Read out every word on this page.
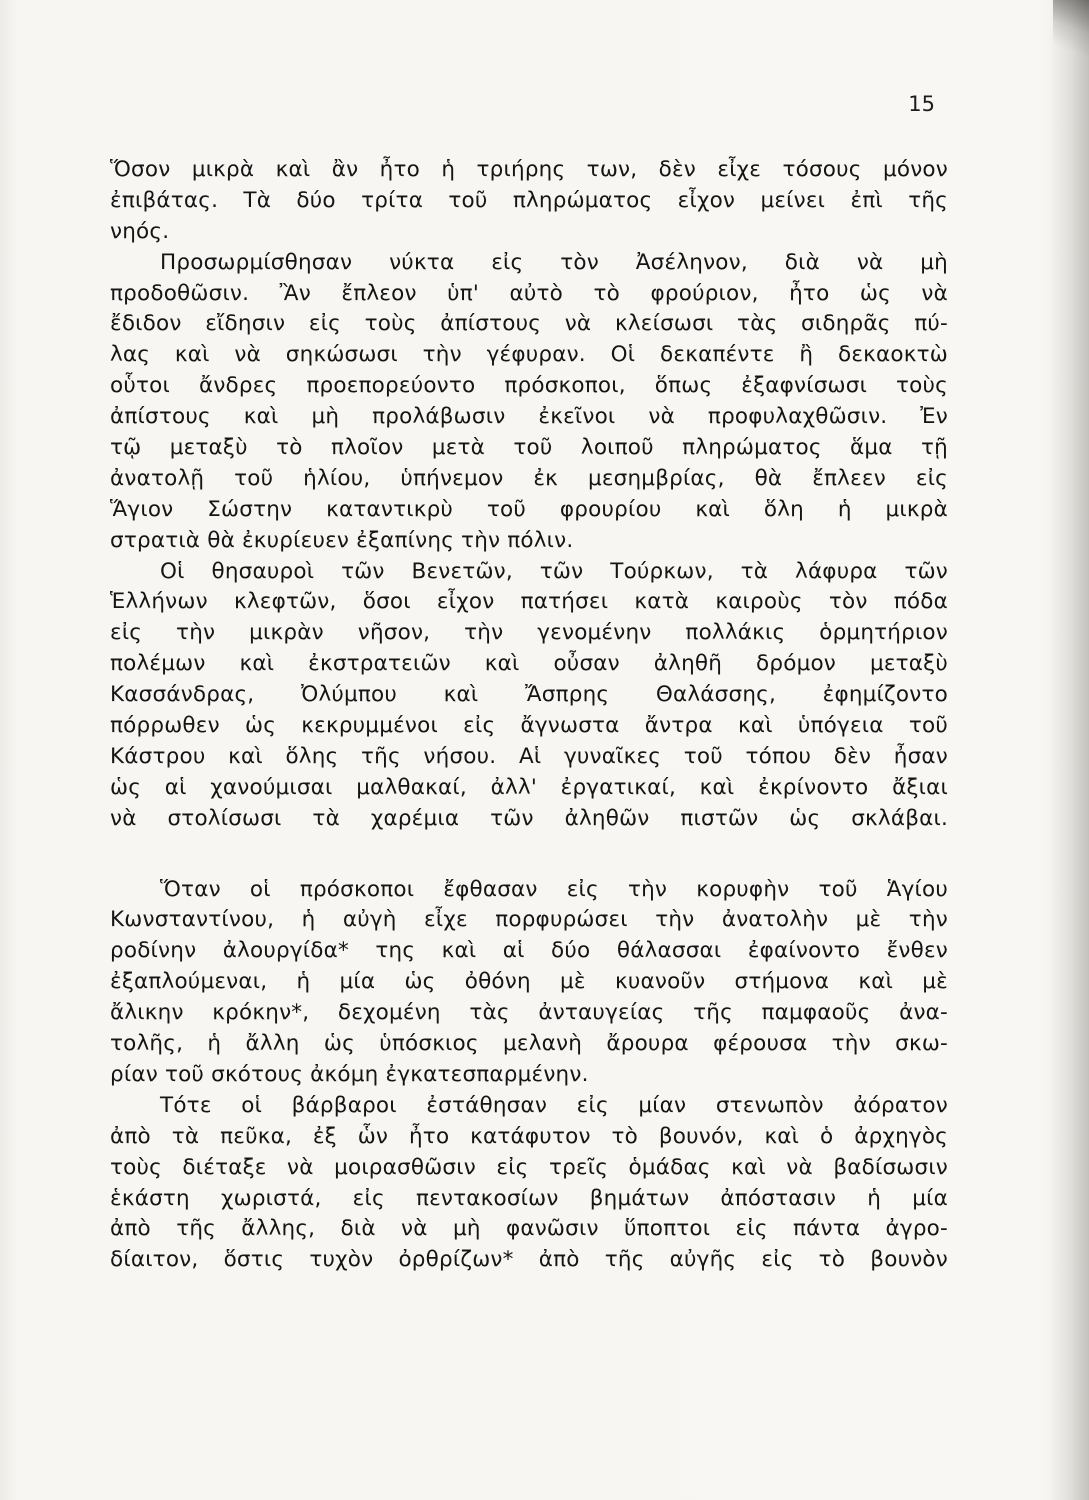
15
Ὅσον μικρὰ καὶ ἂν ἦτο ἡ τριήρης των, δὲν εἶχε τόσους μόνον
ἐπιβάτας. Τὰ δύο τρίτα τοῦ πληρώματος εἶχον μείνει ἐπὶ τῆς
νηός.
Προσωρμίσθησαν νύκτα εἰς τὸν Ἀσέληνον, διὰ νὰ μὴ
προδοθῶσιν. Ἂν ἔπλεον ὑπ' αὐτὸ τὸ φρούριον, ἦτο ὡς νὰ
ἔδιδον εἴδησιν εἰς τοὺς ἀπίστους νὰ κλείσωσι τὰς σιδηρᾶς πύ-
λας καὶ νὰ σηκώσωσι τὴν γέφυραν. Οἱ δεκαπέντε ἢ δεκαοκτὼ
οὗτοι ἄνδρες προεπορεύοντο πρόσκοποι, ὅπως ἐξαφνίσωσι τοὺς
ἀπίστους καὶ μὴ προλάβωσιν ἐκεῖνοι νὰ προφυλαχθῶσιν. Ἐν
τῷ μεταξὺ τὸ πλοῖον μετὰ τοῦ λοιποῦ πληρώματος ἅμα τῇ
ἀνατολῇ τοῦ ἡλίου, ὑπήνεμον ἐκ μεσημβρίας, θὰ ἔπλεεν εἰς
Ἅγιον Σώστην καταντικρὺ τοῦ φρουρίου καὶ ὅλη ἡ μικρὰ
στρατιὰ θὰ ἐκυρίευεν ἐξαπίνης τὴν πόλιν.
Οἱ θησαυροὶ τῶν Βενετῶν, τῶν Τούρκων, τὰ λάφυρα τῶν
Ἑλλήνων κλεφτῶν, ὅσοι εἶχον πατήσει κατὰ καιροὺς τὸν πόδα
εἰς τὴν μικρὰν νῆσον, τὴν γενομένην πολλάκις ὁρμητήριον
πολέμων καὶ ἐκστρατειῶν καὶ οὖσαν ἀληθῆ δρόμον μεταξὺ
Κασσάνδρας, Ὀλύμπου καὶ Ἄσπρης Θαλάσσης, ἐφημίζοντο
πόρρωθεν ὡς κεκρυμμένοι εἰς ἄγνωστα ἄντρα καὶ ὑπόγεια τοῦ
Κάστρου καὶ ὅλης τῆς νήσου. Αἱ γυναῖκες τοῦ τόπου δὲν ἦσαν
ὡς αἱ χανούμισαι μαλθακαί, ἀλλ' ἐργατικαί, καὶ ἐκρίνοντο ἄξιαι
νὰ στολίσωσι τὰ χαρέμια τῶν ἀληθῶν πιστῶν ὡς σκλάβαι.
Ὅταν οἱ πρόσκοποι ἔφθασαν εἰς τὴν κορυφὴν τοῦ Ἁγίου
Κωνσταντίνου, ἡ αὐγὴ εἶχε πορφυρώσει τὴν ἀνατολὴν μὲ τὴν
ροδίνην ἀλουργίδα* της καὶ αἱ δύο θάλασσαι ἐφαίνοντο ἔνθεν
ἐξαπλούμεναι, ἡ μία ὡς ὀθόνη μὲ κυανοῦν στήμονα καὶ μὲ
ἄλικην κρόκην*, δεχομένη τὰς ἀνταυγείας τῆς παμφαοῦς ἀνα-
τολῆς, ἡ ἄλλη ὡς ὑπόσκιος μελανὴ ἄρουρα φέρουσα τὴν σκω-
ρίαν τοῦ σκότους ἀκόμη ἐγκατεσπαρμένην.
Τότε οἱ βάρβαροι ἐστάθησαν εἰς μίαν στενωπὸν ἀόρατον
ἀπὸ τὰ πεῦκα, ἐξ ὧν ἦτο κατάφυτον τὸ βουνόν, καὶ ὁ ἀρχηγὸς
τοὺς διέταξε νὰ μοιρασθῶσιν εἰς τρεῖς ὁμάδας καὶ νὰ βαδίσωσιν
ἑκάστη χωριστά, εἰς πεντακοσίων βημάτων ἀπόστασιν ἡ μία
ἀπὸ τῆς ἄλλης, διὰ νὰ μὴ φανῶσιν ὕποπτοι εἰς πάντα ἀγρο-
δίαιτον, ὅστις τυχὸν ὀρθρίζων* ἀπὸ τῆς αὐγῆς εἰς τὸ βουνὸν
